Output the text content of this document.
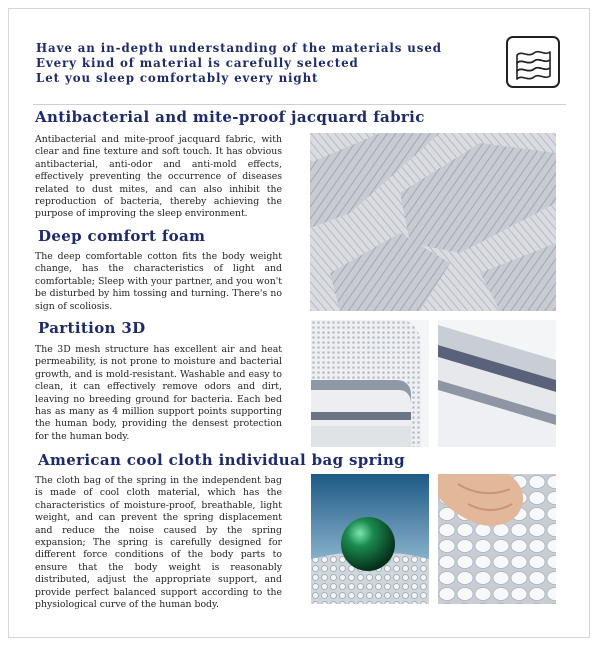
Have an in-depth understanding of the materials used
Every kind of material is carefully selected
Let you sleep comfortably every night
Antibacterial and mite-proof jacquard fabric

Antibacterial and mite-proof jacquard fabric, with clear and fine texture and soft touch. It has obvious antibacterial, anti-odor and anti-mold effects, effectively preventing the occurrence of diseases related to dust mites, and can also inhibit the reproduction of bacteria, thereby achieving the purpose of improving the sleep environment.

Deep comfort foam

The deep comfortable cotton fits the body weight change, has the characteristics of light and comfortable; Sleep with your partner, and you won't be disturbed by him tossing and turning. There's no sign of scoliosis.

Partition 3D

The 3D mesh structure has excellent air and heat permeability, is not prone to moisture and bacterial growth, and is mold-resistant. Washable and easy to clean, it can effectively remove odors and dirt, leaving no breeding ground for bacteria. Each bed has as many as 4 million support points supporting the human body, providing the densest protection for the human body.

American cool cloth individual bag spring

The cloth bag of the spring in the independent bag is made of cool cloth material, which has the characteristics of moisture-proof, breathable, light weight, and can prevent the spring displacement and reduce the noise caused by the spring expansion; The spring is carefully designed for different force conditions of the body parts to ensure that the body weight is reasonably distributed, adjust the appropriate support, and provide perfect balanced support according to the physiological curve of the human body.
